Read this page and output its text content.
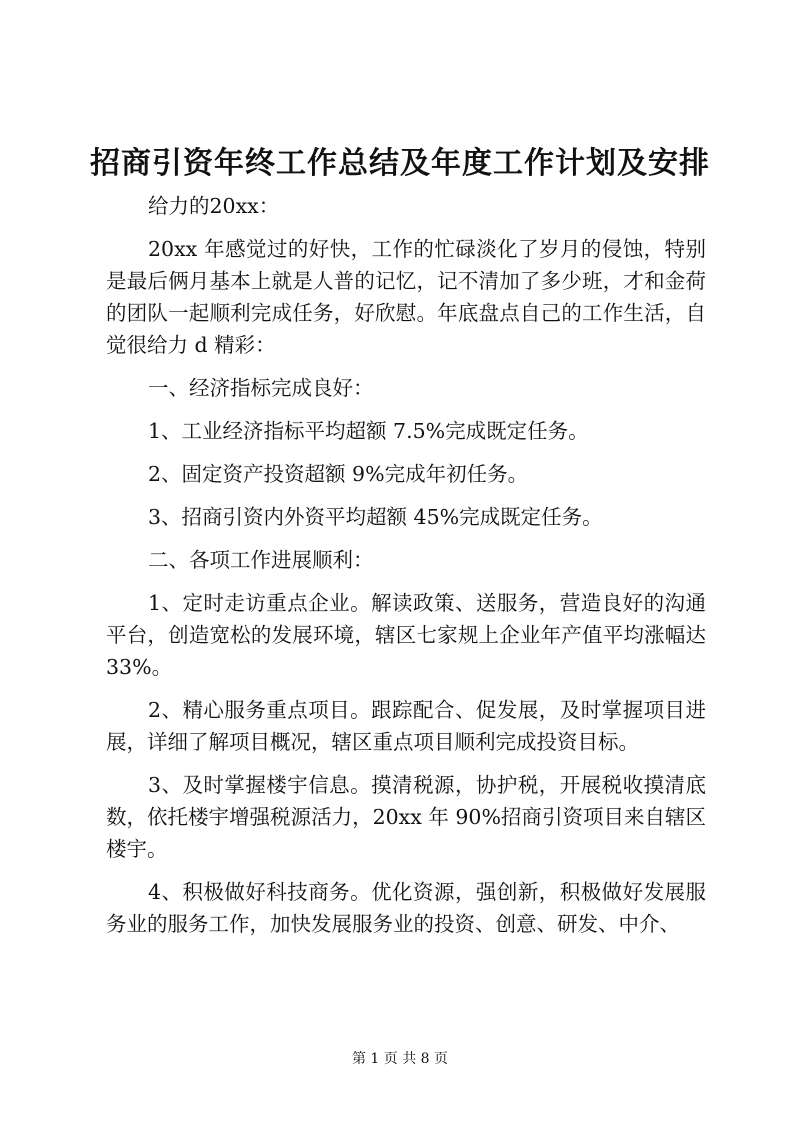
招商引资年终工作总结及年度工作计划及安排

给力的20xx：

20xx 年感觉过的好快，工作的忙碌淡化了岁月的侵蚀，特别是最后俩月基本上就是人普的记忆，记不清加了多少班，才和金荷的团队一起顺利完成任务，好欣慰。年底盘点自己的工作生活，自觉很给力 d 精彩：

一、经济指标完成良好：

1、工业经济指标平均超额 7.5%完成既定任务。

2、固定资产投资超额 9%完成年初任务。

3、招商引资内外资平均超额 45%完成既定任务。

二、各项工作进展顺利：

1、定时走访重点企业。解读政策、送服务，营造良好的沟通平台，创造宽松的发展环境，辖区七家规上企业年产值平均涨幅达 33%。

2、精心服务重点项目。跟踪配合、促发展，及时掌握项目进展，详细了解项目概况，辖区重点项目顺利完成投资目标。

3、及时掌握楼宇信息。摸清税源，协护税，开展税收摸清底数，依托楼宇增强税源活力，20xx 年 90%招商引资项目来自辖区楼宇。

4、积极做好科技商务。优化资源，强创新，积极做好发展服务业的服务工作，加快发展服务业的投资、创意、研发、中介、

第 1 页 共 8 页
